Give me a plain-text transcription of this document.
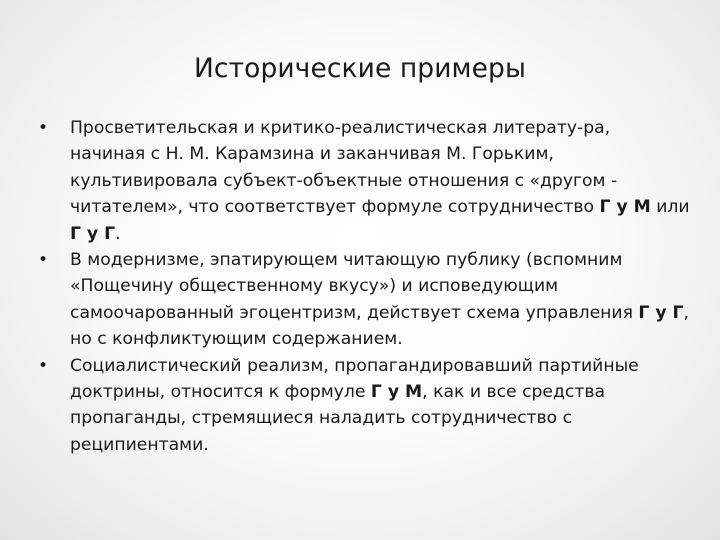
Исторические примеры
• Просветительская и критико-реалистическая литерату-ра, начиная с Н. М. Карамзина и заканчивая М. Горьким, культивировала субъект-объектные отношения с «другом - читателем», что соответствует формуле сотрудничество Г у М или Г у Г.
• В модернизме, эпатирующем читающую публику (вспомним «Пощечину общественному вкусу») и исповедующим самоочарованный эгоцентризм, действует схема управления Г у Г, но с конфликтующим содержанием.
• Социалистический реализм, пропагандировавший партийные доктрины, относится к формуле Г у М, как и все средства пропаганды, стремящиеся наладить сотрудничество с реципиентами.
